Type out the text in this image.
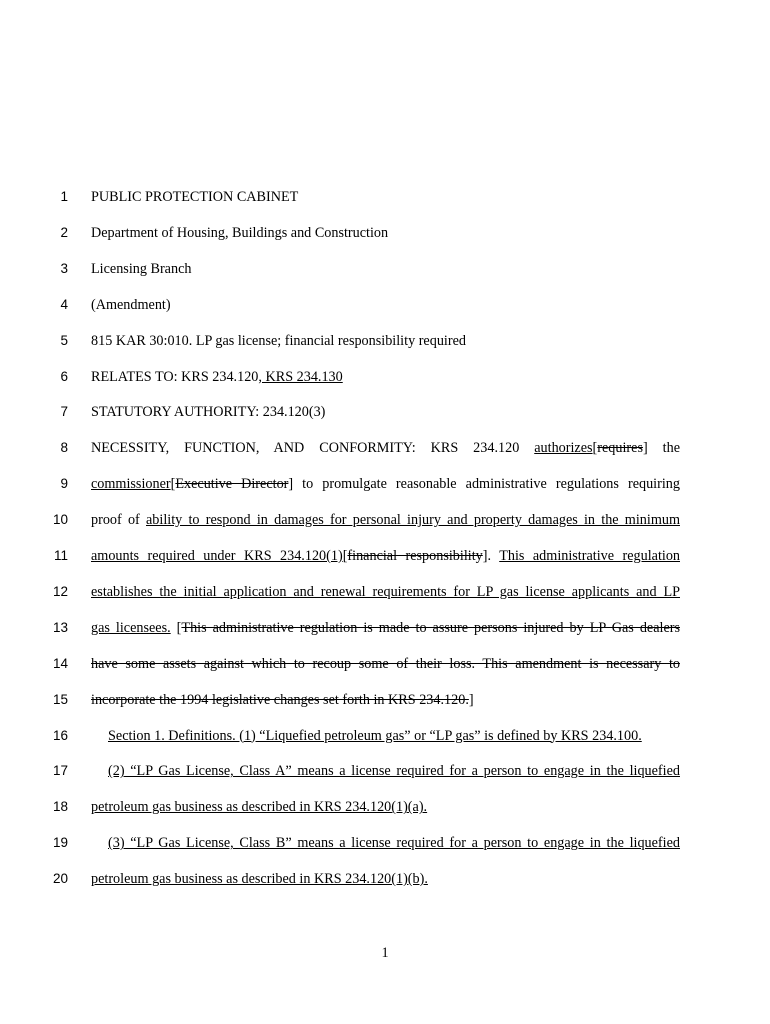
1 PUBLIC PROTECTION CABINET
2 Department of Housing, Buildings and Construction
3 Licensing Branch
4 (Amendment)
5 815 KAR 30:010. LP gas license; financial responsibility required
6 RELATES TO: KRS 234.120, KRS 234.130
7 STATUTORY AUTHORITY: 234.120(3)
8 NECESSITY, FUNCTION, AND CONFORMITY: KRS 234.120 authorizes[requires] the
9 commissioner[Executive Director] to promulgate reasonable administrative regulations requiring
10 proof of ability to respond in damages for personal injury and property damages in the minimum
11 amounts required under KRS 234.120(1)[financial responsibility]. This administrative regulation
12 establishes the initial application and renewal requirements for LP gas license applicants and LP
13 gas licensees. [This administrative regulation is made to assure persons injured by LP Gas dealers
14 have some assets against which to recoup some of their loss. This amendment is necessary to
15 incorporate the 1994 legislative changes set forth in KRS 234.120.]
16	Section 1. Definitions. (1) “Liquefied petroleum gas” or “LP gas” is defined by KRS 234.100.
17	(2) “LP Gas License, Class A” means a license required for a person to engage in the liquefied
18 petroleum gas business as described in KRS 234.120(1)(a).
19	(3) “LP Gas License, Class B” means a license required for a person to engage in the liquefied
20 petroleum gas business as described in KRS 234.120(1)(b).
1
